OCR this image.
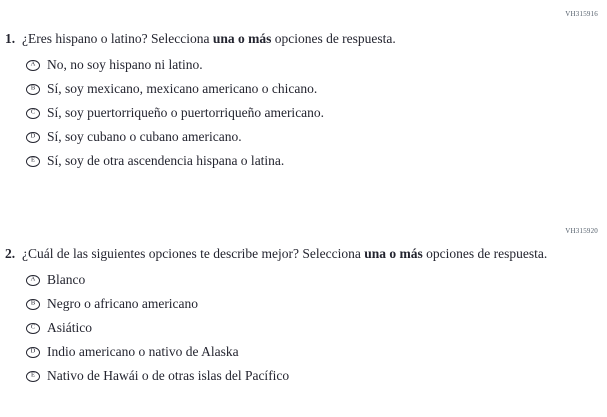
VH315916
1. ¿Eres hispano o latino? Selecciona una o más opciones de respuesta.

A No, no soy hispano ni latino.
B Sí, soy mexicano, mexicano americano o chicano.
C Sí, soy puertorriqueño o puertorriqueño americano.
D Sí, soy cubano o cubano americano.
E Sí, soy de otra ascendencia hispana o latina.
VH315920
2. ¿Cuál de las siguientes opciones te describe mejor? Selecciona una o más opciones de respuesta.

A Blanco
B Negro o africano americano
C Asiático
D Indio americano o nativo de Alaska
E Nativo de Hawái o de otras islas del Pacífico
